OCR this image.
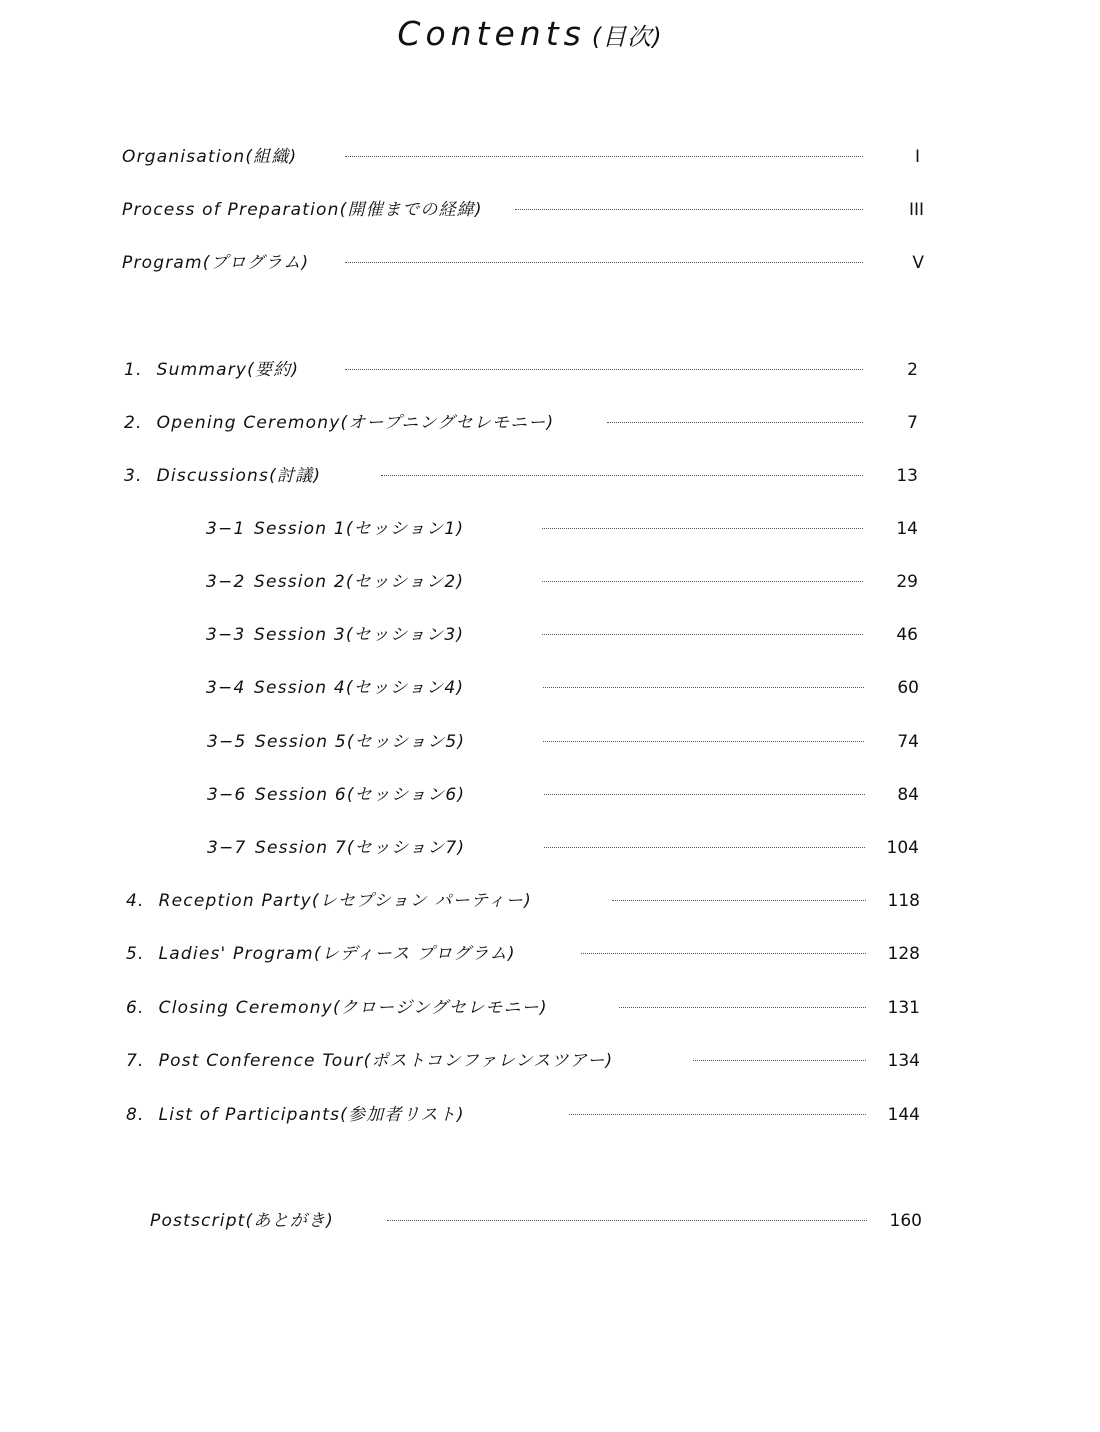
Contents (目次)
Organisation(組織)	I
Process of Preparation(開催までの経緯)	III
Program(プログラム)	V
1. Summary(要約)	2
2. Opening Ceremony(オープニングセレモニー)	7
3. Discussions(討議)	13
3−1 Session 1(セッション1)	14
3−2 Session 2(セッション2)	29
3−3 Session 3(セッション3)	46
3−4 Session 4(セッション4)	60
3−5 Session 5(セッション5)	74
3−6 Session 6(セッション6)	84
3−7 Session 7(セッション7)	104
4. Reception Party(レセプション パーティー)	118
5. Ladies' Program(レディース プログラム)	128
6. Closing Ceremony(クロージングセレモニー)	131
7. Post Conference Tour(ポストコンファレンスツアー)	134
8. List of Participants(参加者リスト)	144
Postscript(あとがき)	160
